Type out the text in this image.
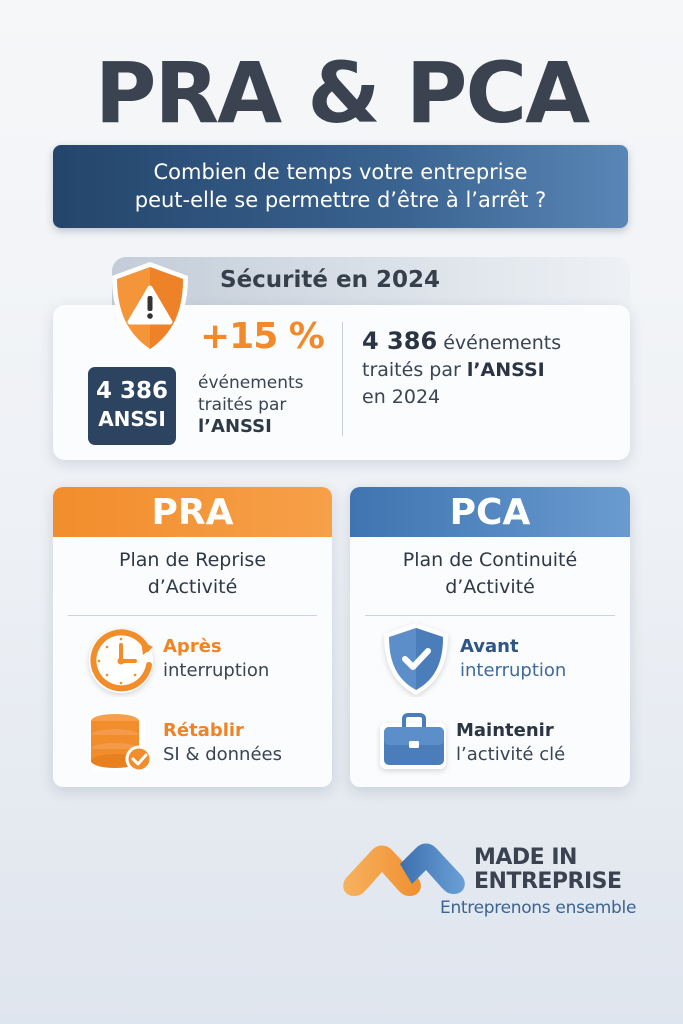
PRA & PCA
Combien de temps votre entreprise
peut-elle se permettre d’être à l’arrêt ?
Sécurité en 2024
+15 %
4 386
ANSSI
événements
traités par
l’ANSSI
4 386 événements
traités par l’ANSSI
en 2024
PRA
Plan de Reprise
d’Activité
Après
interruption
Rétablir
SI & données
PCA
Plan de Continuité
d’Activité
Avant
interruption
Maintenir
l’activité clé
MADE IN
ENTREPRISE
Entreprenons ensemble
